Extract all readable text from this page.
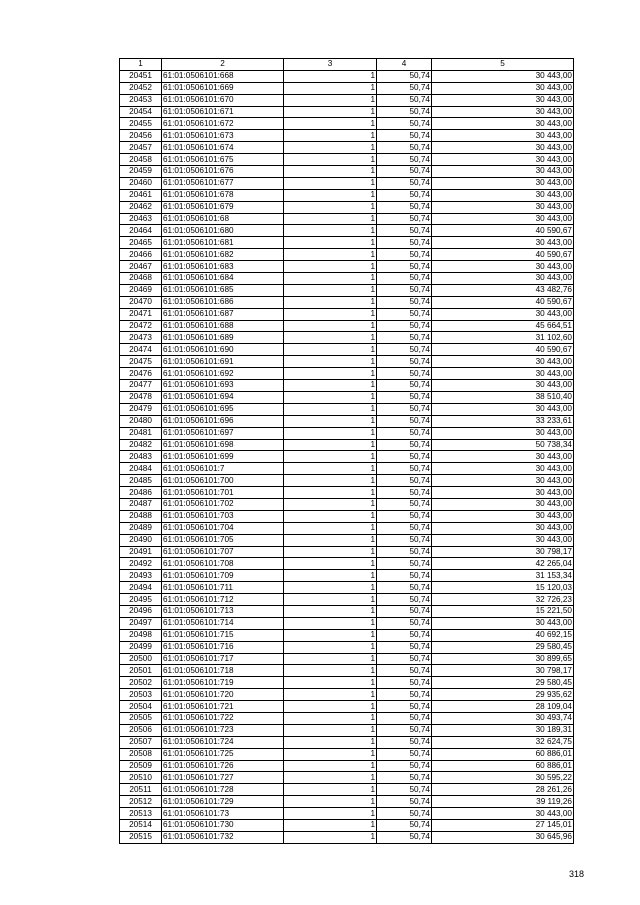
1	2	3	4	5
20451	61:01:0506101:668	1	50,74	30 443,00
20452	61:01:0506101:669	1	50,74	30 443,00
20453	61:01:0506101:670	1	50,74	30 443,00
20454	61:01:0506101:671	1	50,74	30 443,00
20455	61:01:0506101:672	1	50,74	30 443,00
20456	61:01:0506101:673	1	50,74	30 443,00
20457	61:01:0506101:674	1	50,74	30 443,00
20458	61:01:0506101:675	1	50,74	30 443,00
20459	61:01:0506101:676	1	50,74	30 443,00
20460	61:01:0506101:677	1	50,74	30 443,00
20461	61:01:0506101:678	1	50,74	30 443,00
20462	61:01:0506101:679	1	50,74	30 443,00
20463	61:01:0506101:68	1	50,74	30 443,00
20464	61:01:0506101:680	1	50,74	40 590,67
20465	61:01:0506101:681	1	50,74	30 443,00
20466	61:01:0506101:682	1	50,74	40 590,67
20467	61:01:0506101:683	1	50,74	30 443,00
20468	61:01:0506101:684	1	50,74	30 443,00
20469	61:01:0506101:685	1	50,74	43 482,76
20470	61:01:0506101:686	1	50,74	40 590,67
20471	61:01:0506101:687	1	50,74	30 443,00
20472	61:01:0506101:688	1	50,74	45 664,51
20473	61:01:0506101:689	1	50,74	31 102,60
20474	61:01:0506101:690	1	50,74	40 590,67
20475	61:01:0506101:691	1	50,74	30 443,00
20476	61:01:0506101:692	1	50,74	30 443,00
20477	61:01:0506101:693	1	50,74	30 443,00
20478	61:01:0506101:694	1	50,74	38 510,40
20479	61:01:0506101:695	1	50,74	30 443,00
20480	61:01:0506101:696	1	50,74	33 233,61
20481	61:01:0506101:697	1	50,74	30 443,00
20482	61:01:0506101:698	1	50,74	50 738,34
20483	61:01:0506101:699	1	50,74	30 443,00
20484	61:01:0506101:7	1	50,74	30 443,00
20485	61:01:0506101:700	1	50,74	30 443,00
20486	61:01:0506101:701	1	50,74	30 443,00
20487	61:01:0506101:702	1	50,74	30 443,00
20488	61:01:0506101:703	1	50,74	30 443,00
20489	61:01:0506101:704	1	50,74	30 443,00
20490	61:01:0506101:705	1	50,74	30 443,00
20491	61:01:0506101:707	1	50,74	30 798,17
20492	61:01:0506101:708	1	50,74	42 265,04
20493	61:01:0506101:709	1	50,74	31 153,34
20494	61:01:0506101:711	1	50,74	15 120,03
20495	61:01:0506101:712	1	50,74	32 726,23
20496	61:01:0506101:713	1	50,74	15 221,50
20497	61:01:0506101:714	1	50,74	30 443,00
20498	61:01:0506101:715	1	50,74	40 692,15
20499	61:01:0506101:716	1	50,74	29 580,45
20500	61:01:0506101:717	1	50,74	30 899,65
20501	61:01:0506101:718	1	50,74	30 798,17
20502	61:01:0506101:719	1	50,74	29 580,45
20503	61:01:0506101:720	1	50,74	29 935,62
20504	61:01:0506101:721	1	50,74	28 109,04
20505	61:01:0506101:722	1	50,74	30 493,74
20506	61:01:0506101:723	1	50,74	30 189,31
20507	61:01:0506101:724	1	50,74	32 624,75
20508	61:01:0506101:725	1	50,74	60 886,01
20509	61:01:0506101:726	1	50,74	60 886,01
20510	61:01:0506101:727	1	50,74	30 595,22
20511	61:01:0506101:728	1	50,74	28 261,26
20512	61:01:0506101:729	1	50,74	39 119,26
20513	61:01:0506101:73	1	50,74	30 443,00
20514	61:01:0506101:730	1	50,74	27 145,01
20515	61:01:0506101:732	1	50,74	30 645,96
318
